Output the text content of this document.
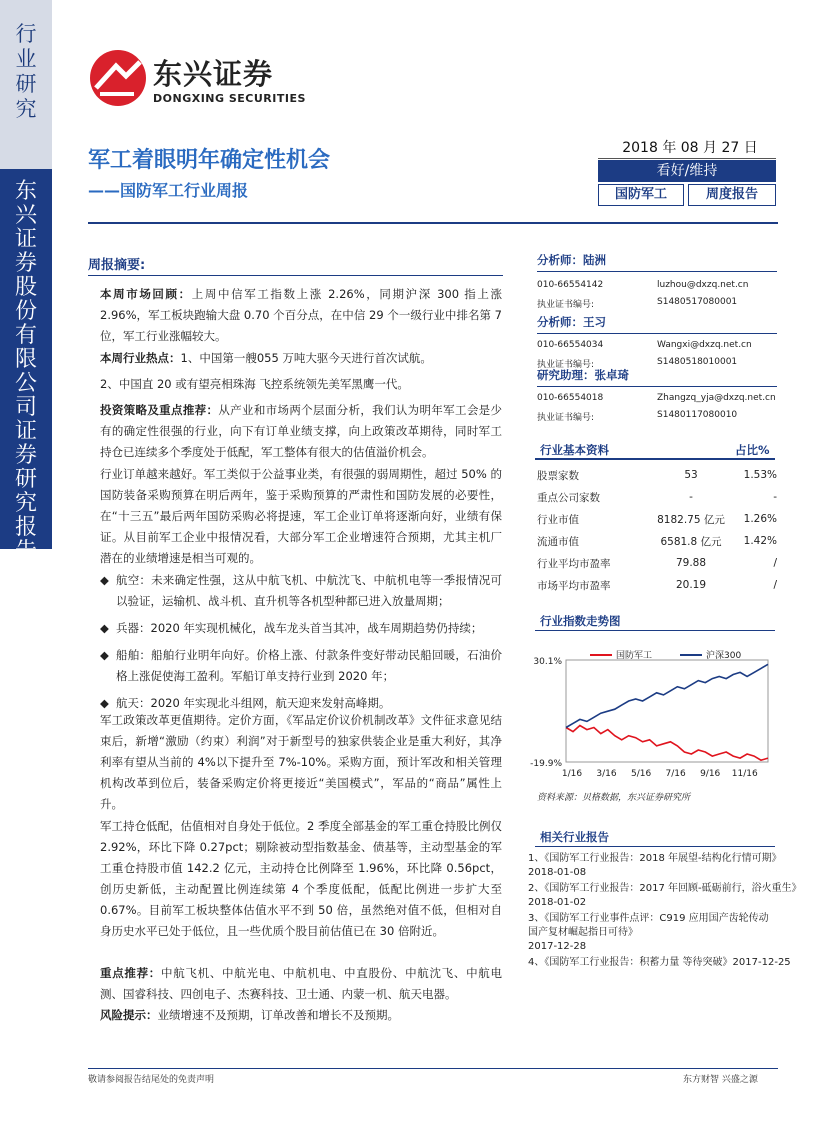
行业研究
东兴证券股份有限公司证券研究报告
东兴证券
DONGXING SECURITIES
军工着眼明年确定性机会
——国防军工行业周报
2018 年 08 月 27 日
看好/维持
国防军工	周度报告
周报摘要:
本周市场回顾：上周中信军工指数上涨 2.26%，同期沪深 300 指上涨 2.96%，军工板块跑输大盘 0.70 个百分点，在中信 29 个一级行业中排名第 7 位，军工行业涨幅较大。
本周行业热点：1、中国第一艘055 万吨大驱今天进行首次试航。
2、中国直 20 或有望亮相珠海 飞控系统领先美军黑鹰一代。
投资策略及重点推荐：从产业和市场两个层面分析，我们认为明年军工会是少有的确定性很强的行业，向下有订单业绩支撑，向上政策改革期待，同时军工持仓已连续多个季度处于低配，军工整体有很大的估值溢价机会。
行业订单越来越好。军工类似于公益事业类，有很强的弱周期性，超过 50% 的国防装备采购预算在明后两年，鉴于采购预算的严肃性和国防发展的必要性，在“十三五”最后两年国防采购必将提速，军工企业订单将逐渐向好，业绩有保证。从目前军工企业中报情况看，大部分军工企业增速符合预期，尤其主机厂潜在的业绩增速是相当可观的。
◆ 航空：未来确定性强，这从中航飞机、中航沈飞、中航机电等一季报情况可以验证，运输机、战斗机、直升机等各机型种都已进入放量周期；
◆ 兵器：2020 年实现机械化，战车龙头首当其冲，战车周期趋势仍持续；
◆ 船舶：船舶行业明年向好。价格上涨、付款条件变好带动民船回暖，石油价格上涨促使海工盈利。军船订单支持行业到 2020 年；
◆ 航天：2020 年实现北斗组网，航天迎来发射高峰期。
军工政策改革更值期待。定价方面，《军品定价议价机制改革》文件征求意见结束后，新增“激励（约束）利润”对于新型号的独家供装企业是重大利好，其净利率有望从当前的 4%以下提升至 7%-10%。采购方面，预计军改和相关管理机构改革到位后，装备采购定价将更接近“美国模式”，军品的“商品”属性上升。
军工持仓低配，估值相对自身处于低位。2 季度全部基金的军工重仓持股比例仅 2.92%，环比下降 0.27pct；剔除被动型指数基金、债基等，主动型基金的军工重仓持股市值 142.2 亿元，主动持仓比例降至 1.96%，环比降 0.56pct，创历史新低，主动配置比例连续第 4 个季度低配，低配比例进一步扩大至 0.67%。目前军工板块整体估值水平不到 50 倍，虽然绝对值不低，但相对自身历史水平已处于低位，且一些优质个股目前估值已在 30 倍附近。
重点推荐：中航飞机、中航光电、中航机电、中直股份、中航沈飞、中航电测、国睿科技、四创电子、杰赛科技、卫士通、内蒙一机、航天电器。
风险提示：业绩增速不及预期，订单改善和增长不及预期。
分析师：陆洲
010-66554142	luzhou@dxzq.net.cn
执业证书编号:	S1480517080001
分析师：王习
010-66554034	Wangxi@dxzq.net.cn
执业证书编号:	S1480518010001
研究助理：张卓琦
010-66554018	Zhangzq_yja@dxzq.net.cn
执业证书编号:	S1480117080010
行业基本资料	占比%
股票家数	53	1.53%
重点公司家数	-	-
行业市值	8182.75 亿元	1.26%
流通市值	6581.8 亿元	1.42%
行业平均市盈率	79.88	/
市场平均市盈率	20.19	/
行业指数走势图
30.1%
-19.9%
1/16 3/16 5/16 7/16 9/16 11/16
国防军工	沪深300
资料来源：贝格数据，东兴证券研究所
相关行业报告
1、《国防军工行业报告：2018 年展望-结构化行情可期》
2018-01-08
2、《国防军工行业报告：2017 年回顾-砥砺前行，浴火重生》
2018-01-02
3、《国防军工行业事件点评：C919 应用国产齿轮传动 国产复材崛起指日可待》
2017-12-28
4、《国防军工行业报告：积蓄力量 等待突破》2017-12-25
敬请参阅报告结尾处的免责声明	东方财智 兴盛之源
